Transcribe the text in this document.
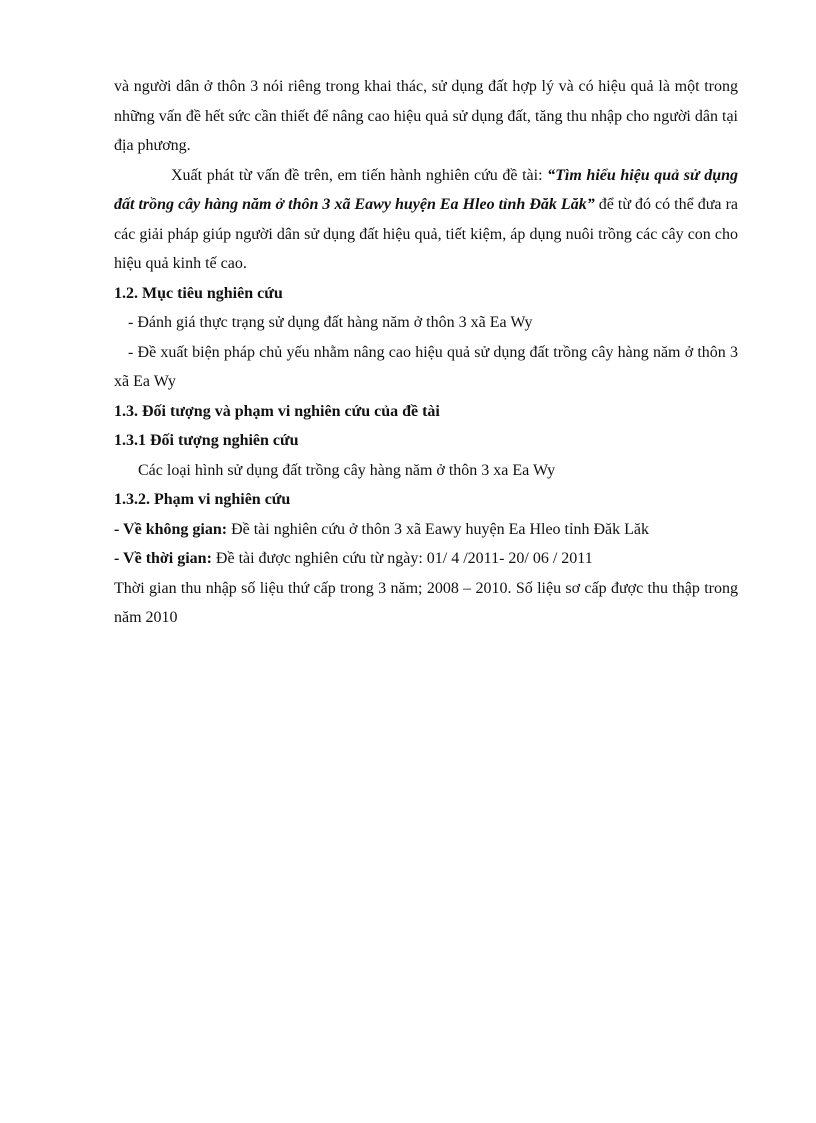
và người dân ở thôn 3 nói riêng trong khai thác, sử dụng đất hợp lý và có hiệu quả là một trong những vấn đề hết sức cần thiết để nâng cao hiệu quả sử dụng đất, tăng thu nhập cho người dân tại địa phương.

Xuất phát từ vấn đề trên, em tiến hành nghiên cứu đề tài: “Tìm hiểu hiệu quả sử dụng đất trồng cây hàng năm ở thôn 3 xã Eawy huyện Ea Hleo tỉnh Đăk Lăk” để từ đó có thể đưa ra các giải pháp giúp người dân sử dụng đất hiệu quả, tiết kiệm, áp dụng nuôi trồng các cây con cho hiệu quả kinh tế cao.

1.2. Mục tiêu nghiên cứu

- Đánh giá thực trạng sử dụng đất hàng năm ở thôn 3 xã Ea Wy

- Đề xuất biện pháp chủ yếu nhằm nâng cao hiệu quả sử dụng đất trồng cây hàng năm ở thôn 3 xã Ea Wy

1.3. Đối tượng và phạm vi nghiên cứu của đề tài

1.3.1 Đối tượng nghiên cứu

Các loại hình sử dụng đất trồng cây hàng năm ở thôn 3 xa Ea Wy

1.3.2. Phạm vi nghiên cứu

- Về không gian: Đề tài nghiên cứu ở thôn 3 xã Eawy huyện Ea Hleo tỉnh Đăk Lăk

- Về thời gian: Đề tài được nghiên cứu từ ngày: 01/ 4 /2011- 20/ 06 / 2011

Thời gian thu nhập số liệu thứ cấp trong 3 năm; 2008 – 2010. Số liệu sơ cấp được thu thập trong năm 2010
